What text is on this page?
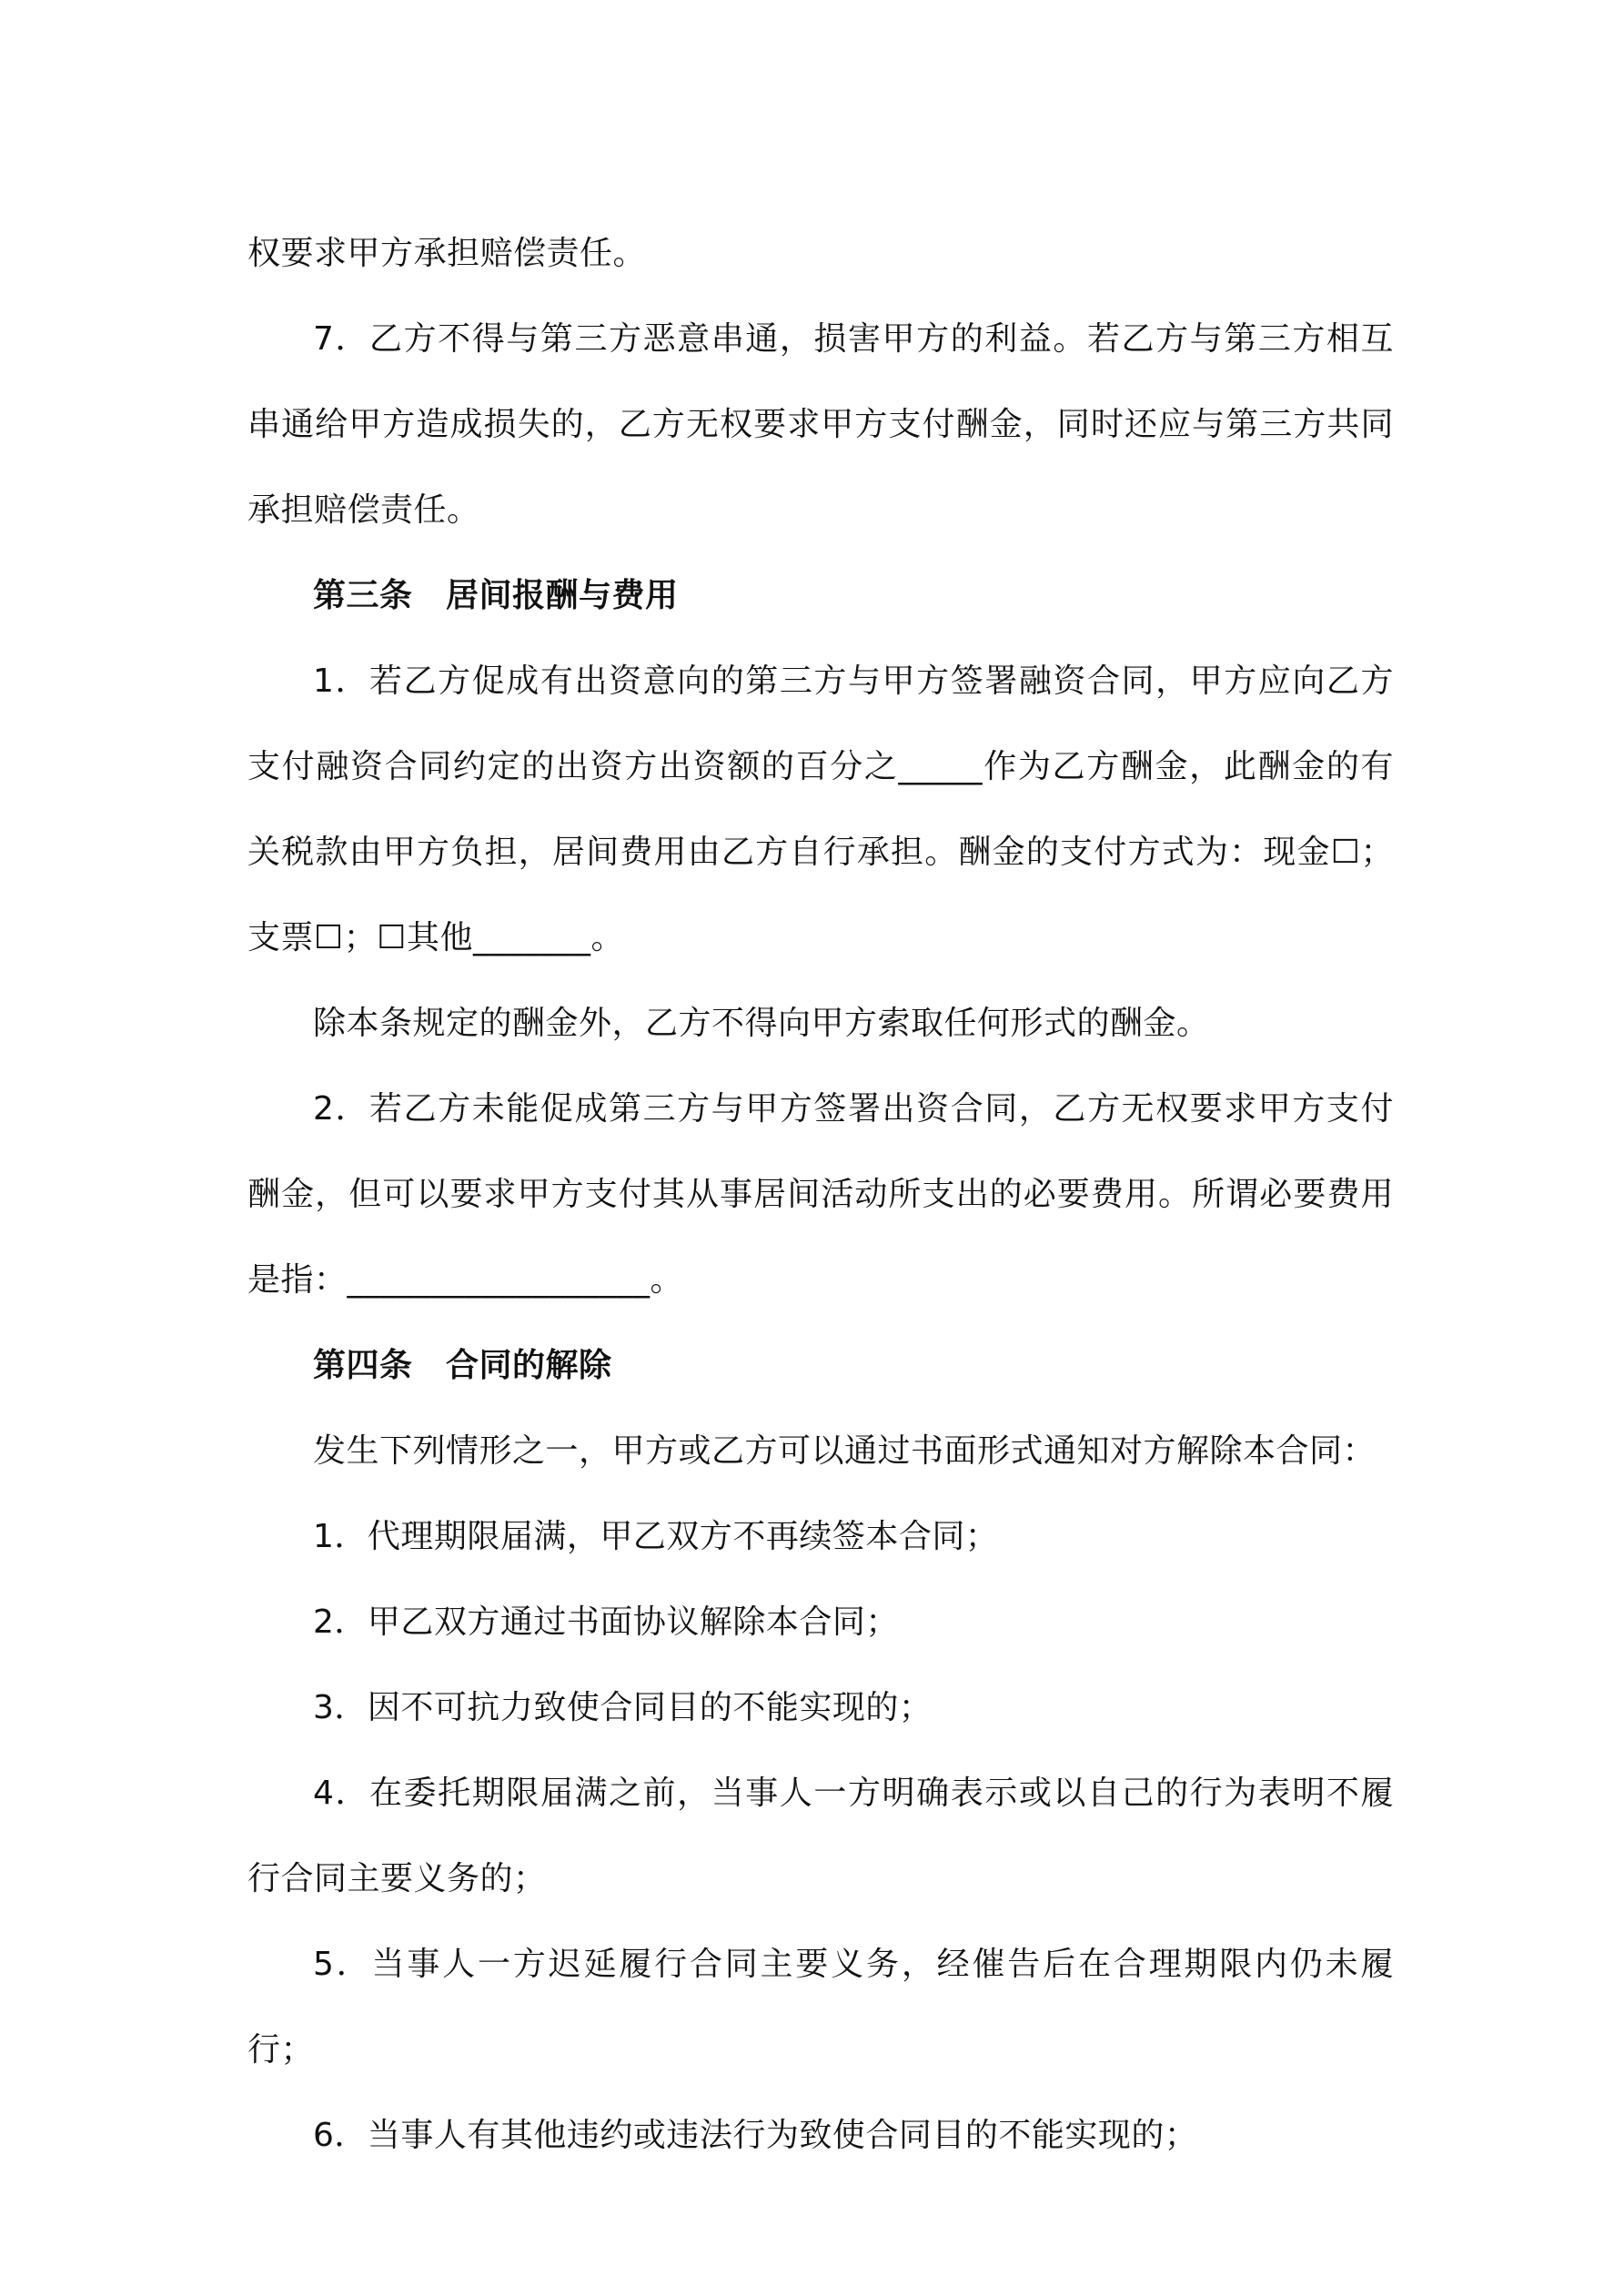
权要求甲方承担赔偿责任。

7．乙方不得与第三方恶意串通，损害甲方的利益。若乙方与第三方相互串通给甲方造成损失的，乙方无权要求甲方支付酬金，同时还应与第三方共同承担赔偿责任。

第三条　居间报酬与费用

1．若乙方促成有出资意向的第三方与甲方签署融资合同，甲方应向乙方支付融资合同约定的出资方出资额的百分之_____作为乙方酬金，此酬金的有关税款由甲方负担，居间费用由乙方自行承担。酬金的支付方式为：现金☐；支票☐；☐其他_______。

除本条规定的酬金外，乙方不得向甲方索取任何形式的酬金。

2．若乙方未能促成第三方与甲方签署出资合同，乙方无权要求甲方支付酬金，但可以要求甲方支付其从事居间活动所支出的必要费用。所谓必要费用是指：__________________。

第四条　合同的解除

发生下列情形之一，甲方或乙方可以通过书面形式通知对方解除本合同：

1．代理期限届满，甲乙双方不再续签本合同；

2．甲乙双方通过书面协议解除本合同；

3．因不可抗力致使合同目的不能实现的；

4．在委托期限届满之前，当事人一方明确表示或以自己的行为表明不履行合同主要义务的；

5．当事人一方迟延履行合同主要义务，经催告后在合理期限内仍未履行；

6．当事人有其他违约或违法行为致使合同目的不能实现的；
